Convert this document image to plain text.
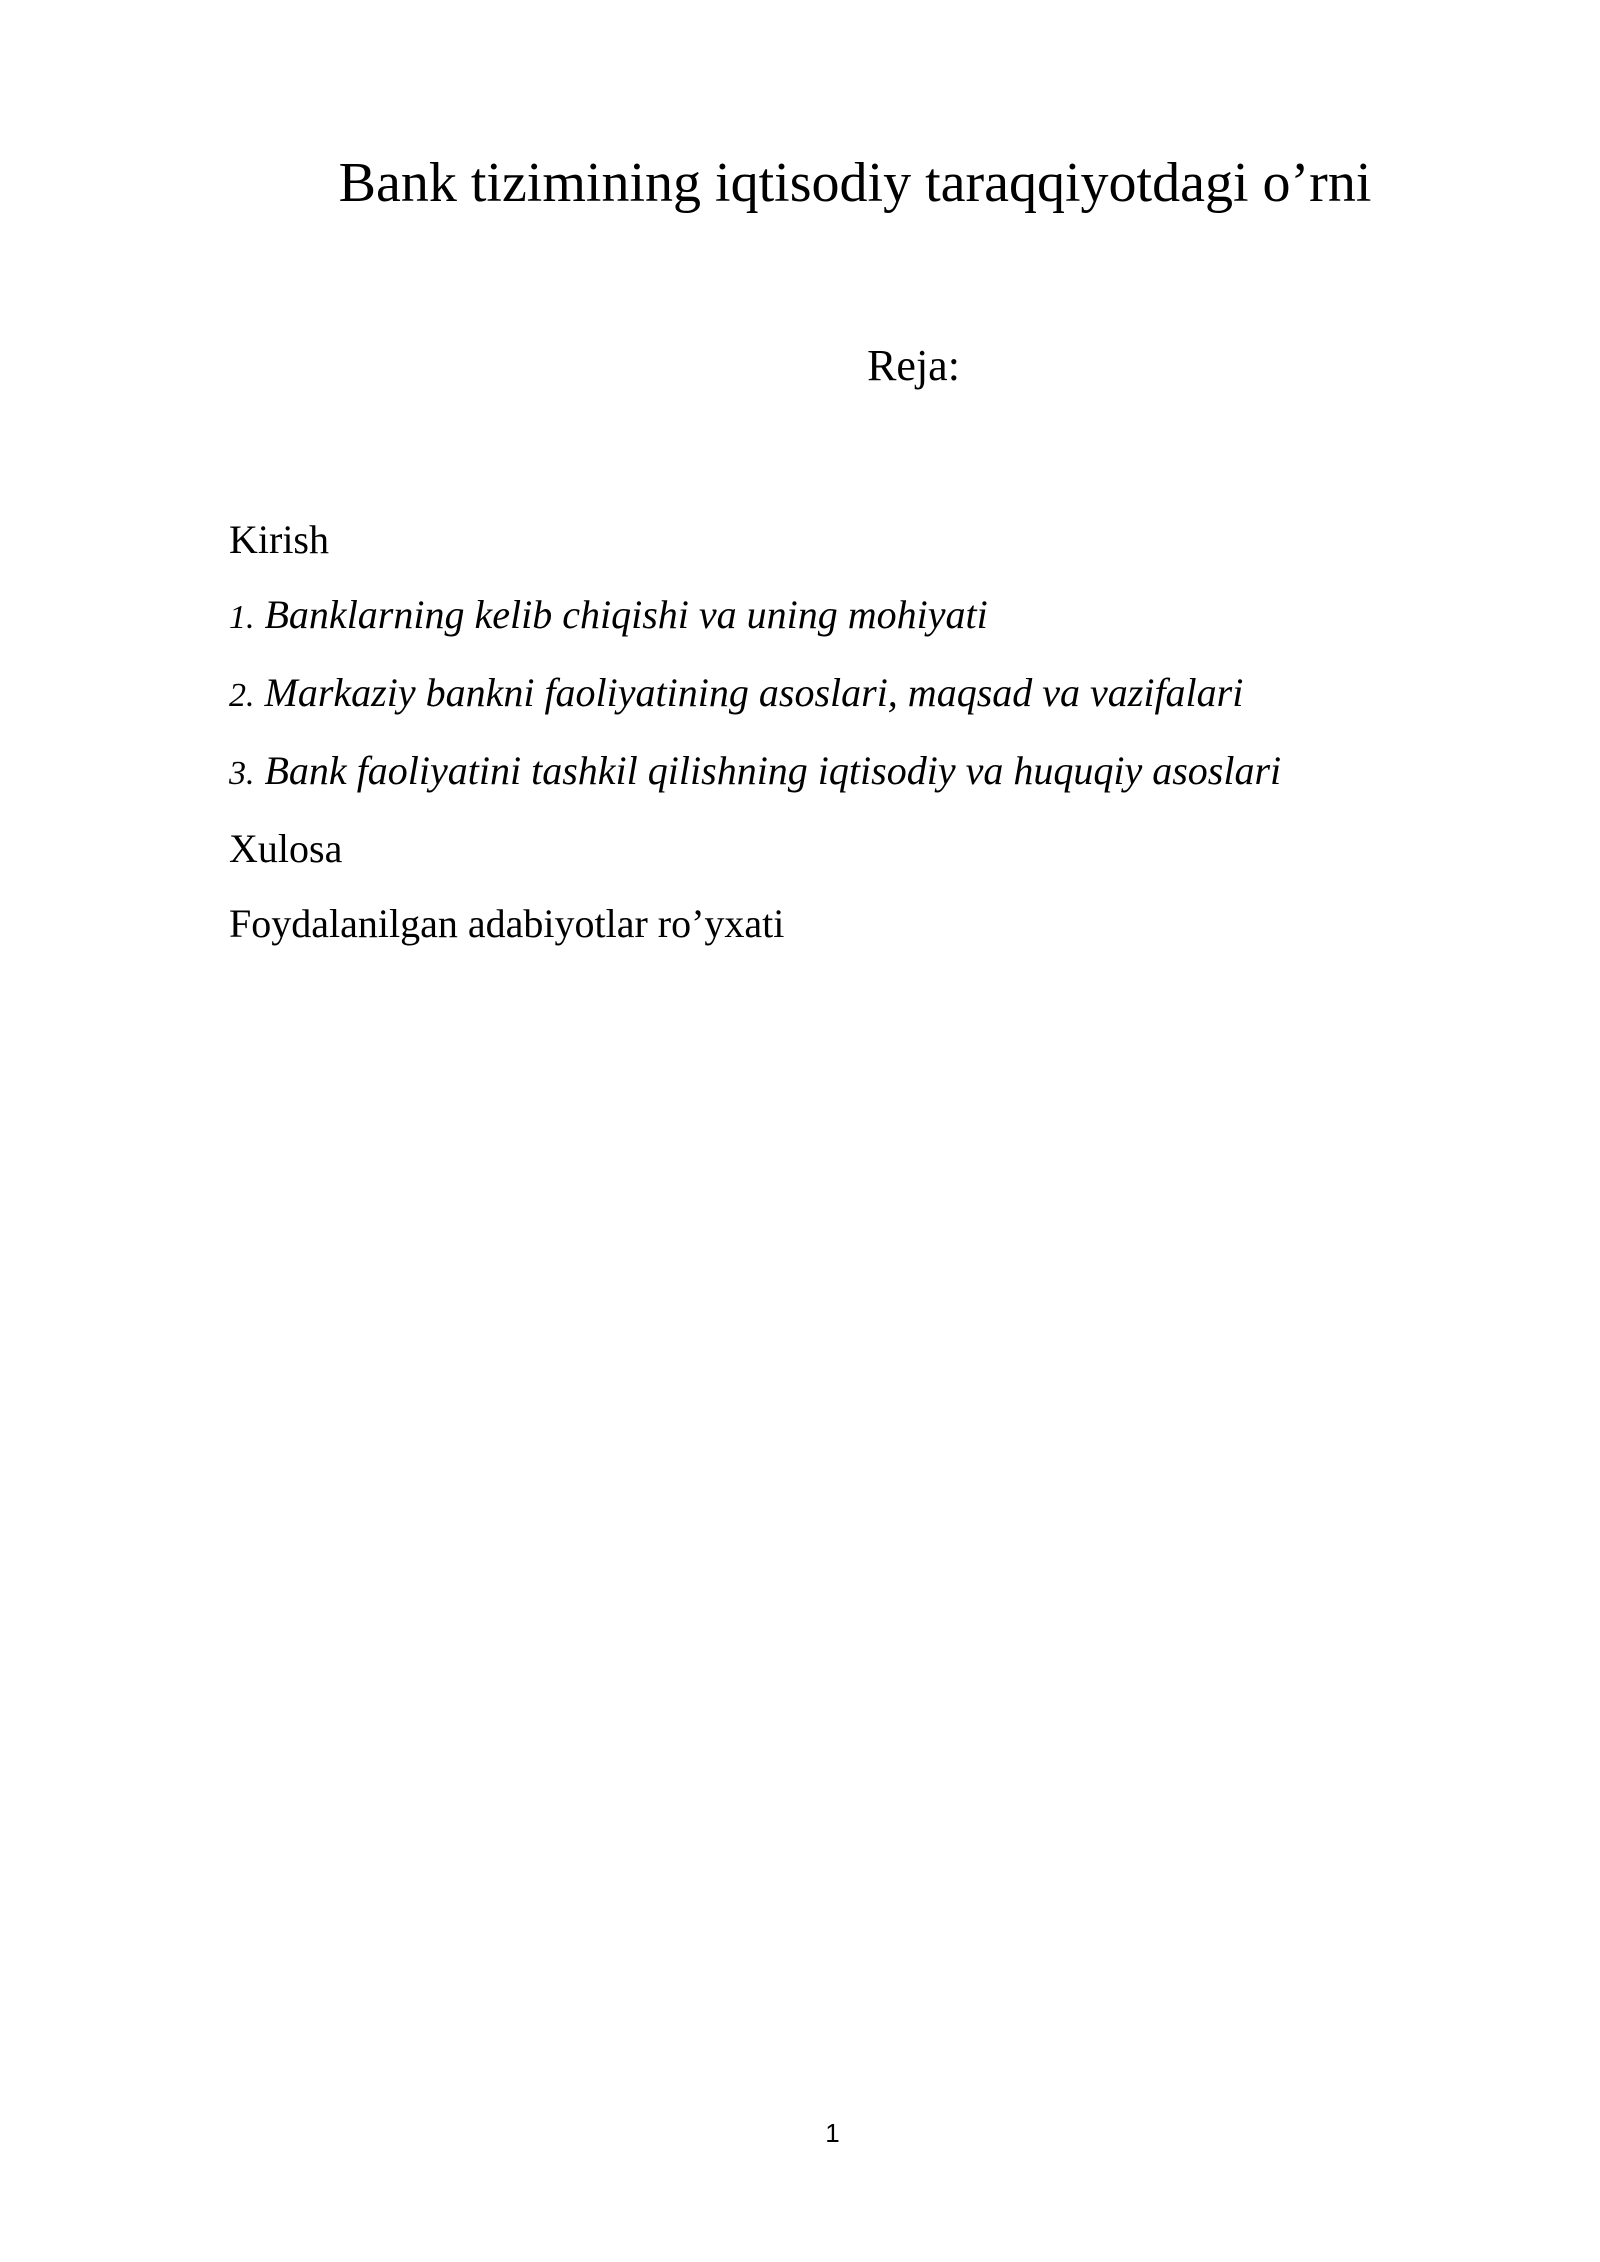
Bank tizimining iqtisodiy taraqqiyotdagi o’rni
Reja:
Kirish
1. Banklarning kelib chiqishi va uning mohiyati
2. Markaziy bankni faoliyatining asoslari, maqsad va vazifalari
3. Bank faoliyatini tashkil qilishning iqtisodiy va huquqiy asoslari
Xulosa
Foydalanilgan adabiyotlar ro’yxati
1
